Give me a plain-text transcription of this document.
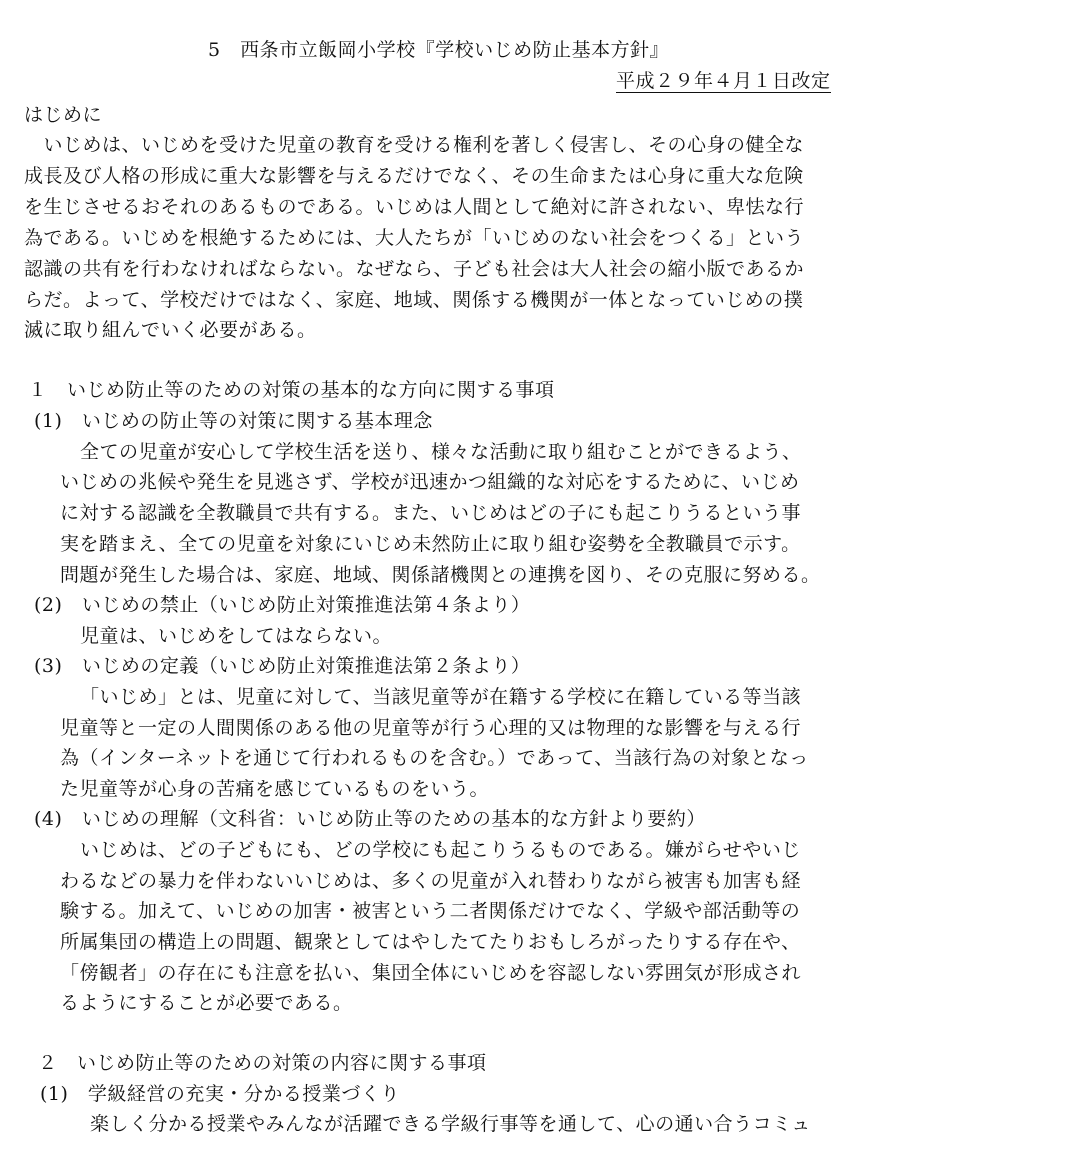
5　西条市立飯岡小学校『学校いじめ防止基本方針』
平成２９年４月１日改定
はじめに
　いじめは、いじめを受けた児童の教育を受ける権利を著しく侵害し、その心身の健全な
成長及び人格の形成に重大な影響を与えるだけでなく、その生命または心身に重大な危険
を生じさせるおそれのあるものである。いじめは人間として絶対に許されない、卑怯な行
為である。いじめを根絶するためには、大人たちが「いじめのない社会をつくる」という
認識の共有を行わなければならない。なぜなら、子ども社会は大人社会の縮小版であるか
らだ。よって、学校だけではなく、家庭、地域、関係する機関が一体となっていじめの撲
滅に取り組んでいく必要がある。
１　いじめ防止等のための対策の基本的な方向に関する事項
(1)　いじめの防止等の対策に関する基本理念
全ての児童が安心して学校生活を送り、様々な活動に取り組むことができるよう、
いじめの兆候や発生を見逃さず、学校が迅速かつ組織的な対応をするために、いじめ
に対する認識を全教職員で共有する。また、いじめはどの子にも起こりうるという事
実を踏まえ、全ての児童を対象にいじめ未然防止に取り組む姿勢を全教職員で示す。
問題が発生した場合は、家庭、地域、関係諸機関との連携を図り、その克服に努める。
(2)　いじめの禁止（いじめ防止対策推進法第４条より）
児童は、いじめをしてはならない。
(3)　いじめの定義（いじめ防止対策推進法第２条より）
「いじめ」とは、児童に対して、当該児童等が在籍する学校に在籍している等当該
児童等と一定の人間関係のある他の児童等が行う心理的又は物理的な影響を与える行
為（インターネットを通じて行われるものを含む。）であって、当該行為の対象となっ
た児童等が心身の苦痛を感じているものをいう。
(4)　いじめの理解（文科省：いじめ防止等のための基本的な方針より要約）
いじめは、どの子どもにも、どの学校にも起こりうるものである。嫌がらせやいじ
わるなどの暴力を伴わないいじめは、多くの児童が入れ替わりながら被害も加害も経
験する。加えて、いじめの加害・被害という二者関係だけでなく、学級や部活動等の
所属集団の構造上の問題、観衆としてはやしたてたりおもしろがったりする存在や、
「傍観者」の存在にも注意を払い、集団全体にいじめを容認しない雰囲気が形成され
るようにすることが必要である。
２　いじめ防止等のための対策の内容に関する事項
(1)　学級経営の充実・分かる授業づくり
楽しく分かる授業やみんなが活躍できる学級行事等を通して、心の通い合うコミュ
